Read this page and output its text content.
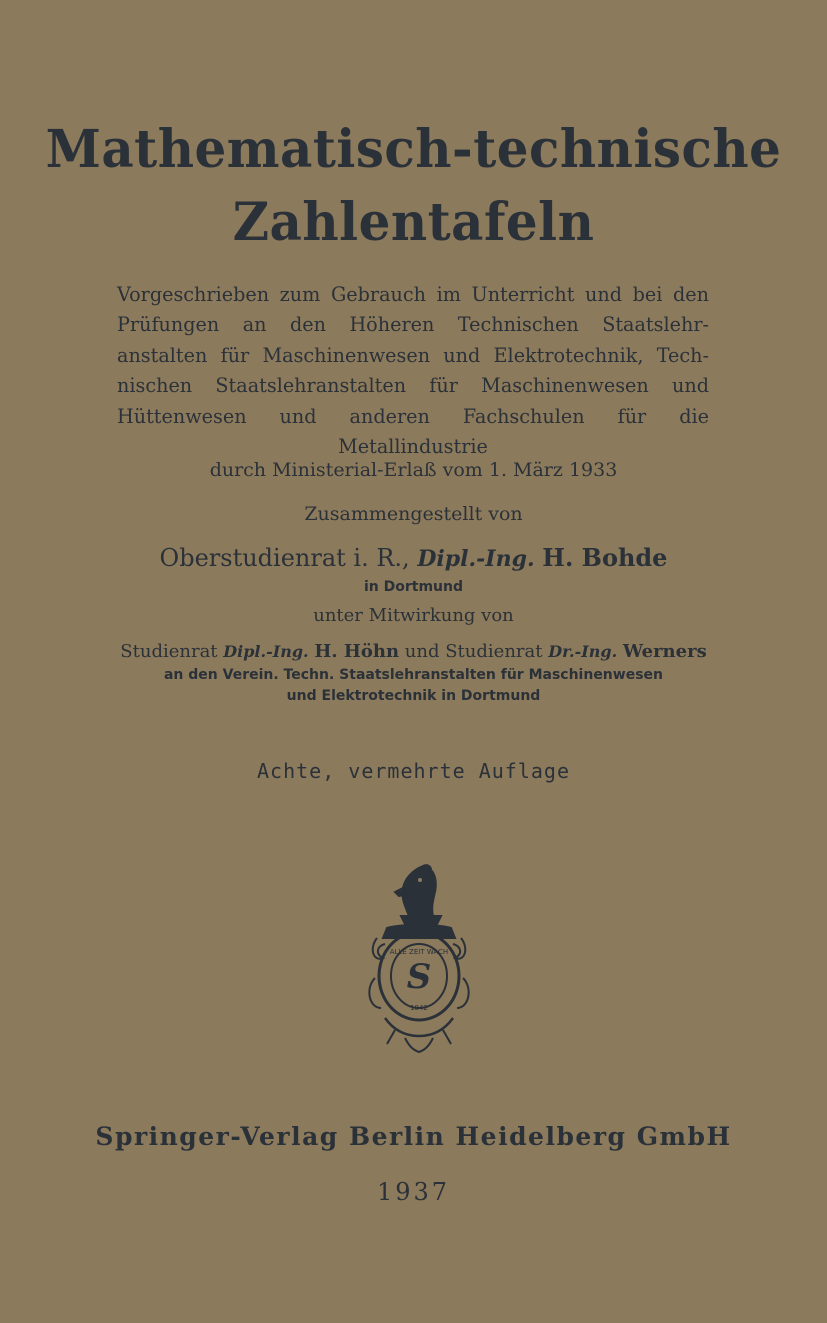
Mathematisch-technische
Zahlentafeln
Vorgeschrieben zum Gebrauch im Unterricht und bei den Prüfungen an den Höheren Technischen Staatslehr-anstalten für Maschinenwesen und Elektrotechnik, Tech-nischen Staatslehranstalten für Maschinenwesen und Hüttenwesen und anderen Fachschulen für die Metallindustrie
durch Ministerial-Erlaß vom 1. März 1933
Zusammengestellt von
Oberstudienrat i. R., Dipl.-Ing. H. Bohde
in Dortmund
unter Mitwirkung von
Studienrat Dipl.-Ing. H. Höhn und Studienrat Dr.-Ing. Werners
an den Verein. Techn. Staatslehranstalten für Maschinenwesen
und Elektrotechnik in Dortmund
Achte, vermehrte Auflage
S
ALLE ZEIT WACH
1842
Springer-Verlag Berlin Heidelberg GmbH
1937
